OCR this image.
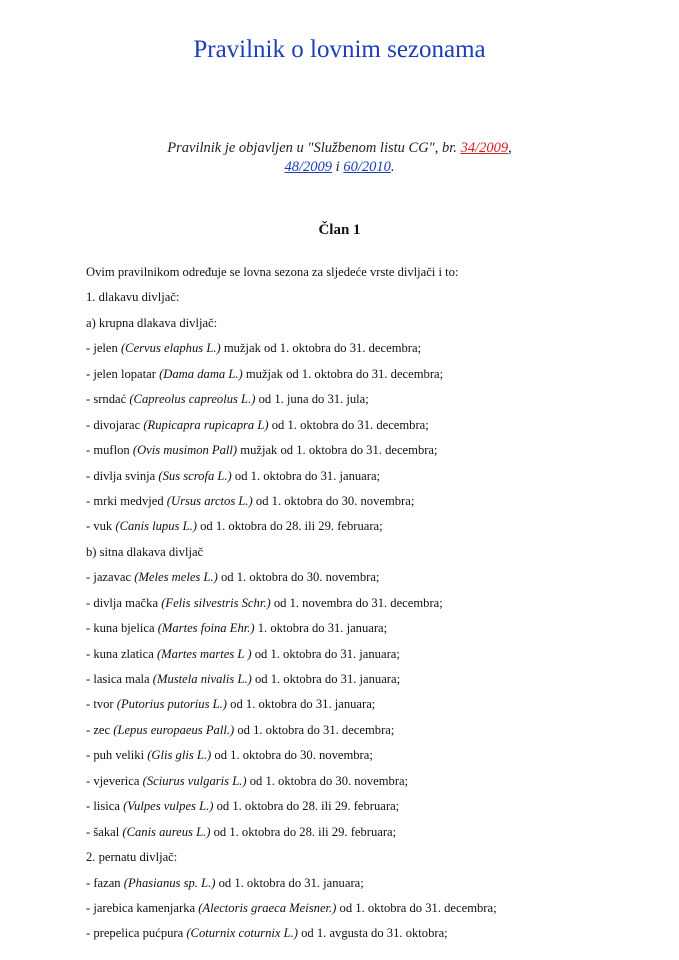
Pravilnik o lovnim sezonama
Pravilnik je objavljen u "Službenom listu CG", br. 34/2009,
48/2009 i 60/2010.
Član 1
Ovim pravilnikom određuje se lovna sezona za sljedeće vrste divljači i to:
1. dlakavu divljač:
a) krupna dlakava divljač:
- jelen (Cervus elaphus L.) mužjak od 1. oktobra do 31. decembra;
- jelen lopatar (Dama dama L.) mužjak od 1. oktobra do 31. decembra;
- srndać (Capreolus capreolus L.) od 1. juna do 31. jula;
- divojarac (Rupicapra rupicapra L) od 1. oktobra do 31. decembra;
- muflon (Ovis musimon Pall) mužjak od 1. oktobra do 31. decembra;
- divlja svinja (Sus scrofa L.) od 1. oktobra do 31. januara;
- mrki medvjed (Ursus arctos L.) od 1. oktobra do 30. novembra;
- vuk (Canis lupus L.) od 1. oktobra do 28. ili 29. februara;
b) sitna dlakava divljač
- jazavac (Meles meles L.) od 1. oktobra do 30. novembra;
- divlja mačka (Felis silvestris Schr.) od 1. novembra do 31. decembra;
- kuna bjelica (Martes foina Ehr.) 1. oktobra do 31. januara;
- kuna zlatica (Martes martes L ) od 1. oktobra do 31. januara;
- lasica mala (Mustela nivalis L.) od 1. oktobra do 31. januara;
- tvor (Putorius putorius L.) od 1. oktobra do 31. januara;
- zec (Lepus europaeus Pall.) od 1. oktobra do 31. decembra;
- puh veliki (Glis glis L.) od 1. oktobra do 30. novembra;
- vjeverica (Sciurus vulgaris L.) od 1. oktobra do 30. novembra;
- lisica (Vulpes vulpes L.) od 1. oktobra do 28. ili 29. februara;
- šakal (Canis aureus L.) od 1. oktobra do 28. ili 29. februara;
2. pernatu divljač:
- fazan (Phasianus sp. L.) od 1. oktobra do 31. januara;
- jarebica kamenjarka (Alectoris graeca Meisner.) od 1. oktobra do 31. decembra;
- prepelica pućpura (Coturnix coturnix L.) od 1. avgusta do 31. oktobra;
